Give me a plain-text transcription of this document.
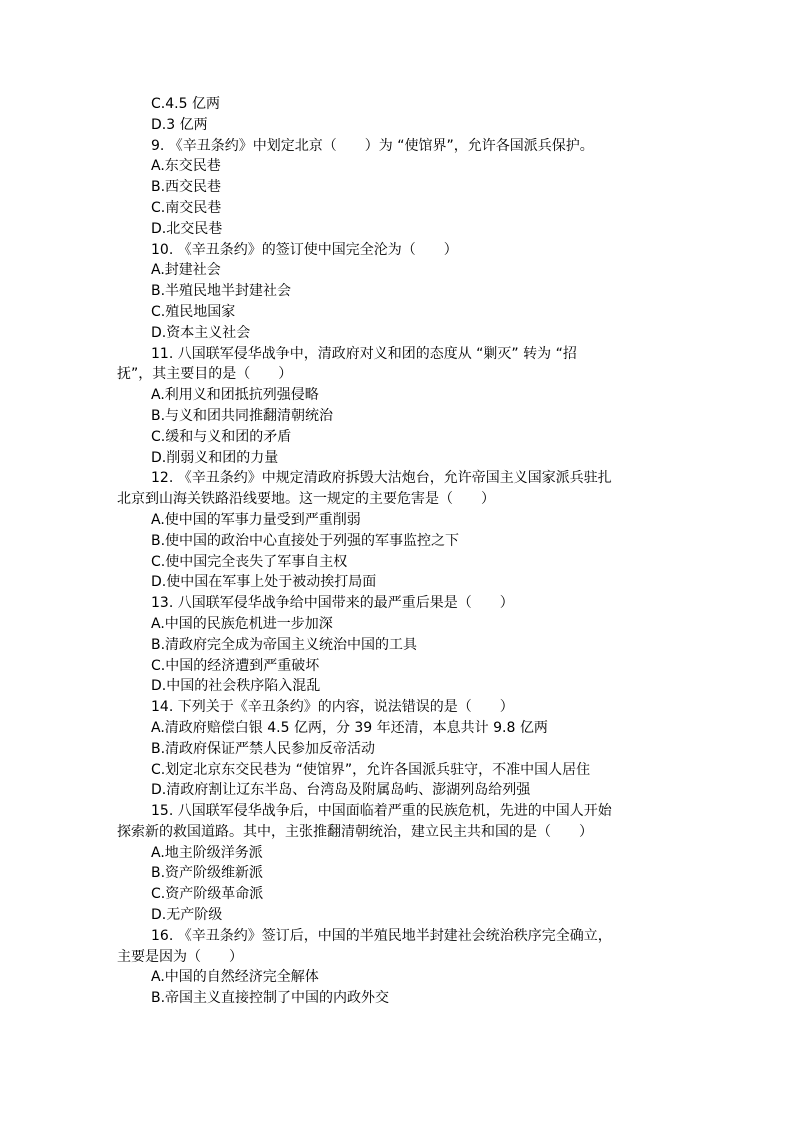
C.4.5 亿两
D.3 亿两
9. 《辛丑条约》中划定北京（　　）为 “使馆界”，允许各国派兵保护。
A.东交民巷
B.西交民巷
C.南交民巷
D.北交民巷
10. 《辛丑条约》的签订使中国完全沦为（　　）
A.封建社会
B.半殖民地半封建社会
C.殖民地国家
D.资本主义社会
11. 八国联军侵华战争中，清政府对义和团的态度从 “剿灭” 转为 “招
抚”，其主要目的是（　　）
A.利用义和团抵抗列强侵略
B.与义和团共同推翻清朝统治
C.缓和与义和团的矛盾
D.削弱义和团的力量
12. 《辛丑条约》中规定清政府拆毁大沽炮台，允许帝国主义国家派兵驻扎
北京到山海关铁路沿线要地。这一规定的主要危害是（　　）
A.使中国的军事力量受到严重削弱
B.使中国的政治中心直接处于列强的军事监控之下
C.使中国完全丧失了军事自主权
D.使中国在军事上处于被动挨打局面
13. 八国联军侵华战争给中国带来的最严重后果是（　　）
A.中国的民族危机进一步加深
B.清政府完全成为帝国主义统治中国的工具
C.中国的经济遭到严重破坏
D.中国的社会秩序陷入混乱
14. 下列关于《辛丑条约》的内容，说法错误的是（　　）
A.清政府赔偿白银 4.5 亿两，分 39 年还清，本息共计 9.8 亿两
B.清政府保证严禁人民参加反帝活动
C.划定北京东交民巷为 “使馆界”，允许各国派兵驻守，不准中国人居住
D.清政府割让辽东半岛、台湾岛及附属岛屿、澎湖列岛给列强
15. 八国联军侵华战争后，中国面临着严重的民族危机，先进的中国人开始
探索新的救国道路。其中，主张推翻清朝统治，建立民主共和国的是（　　）
A.地主阶级洋务派
B.资产阶级维新派
C.资产阶级革命派
D.无产阶级
16. 《辛丑条约》签订后，中国的半殖民地半封建社会统治秩序完全确立，
主要是因为（　　）
A.中国的自然经济完全解体
B.帝国主义直接控制了中国的内政外交
